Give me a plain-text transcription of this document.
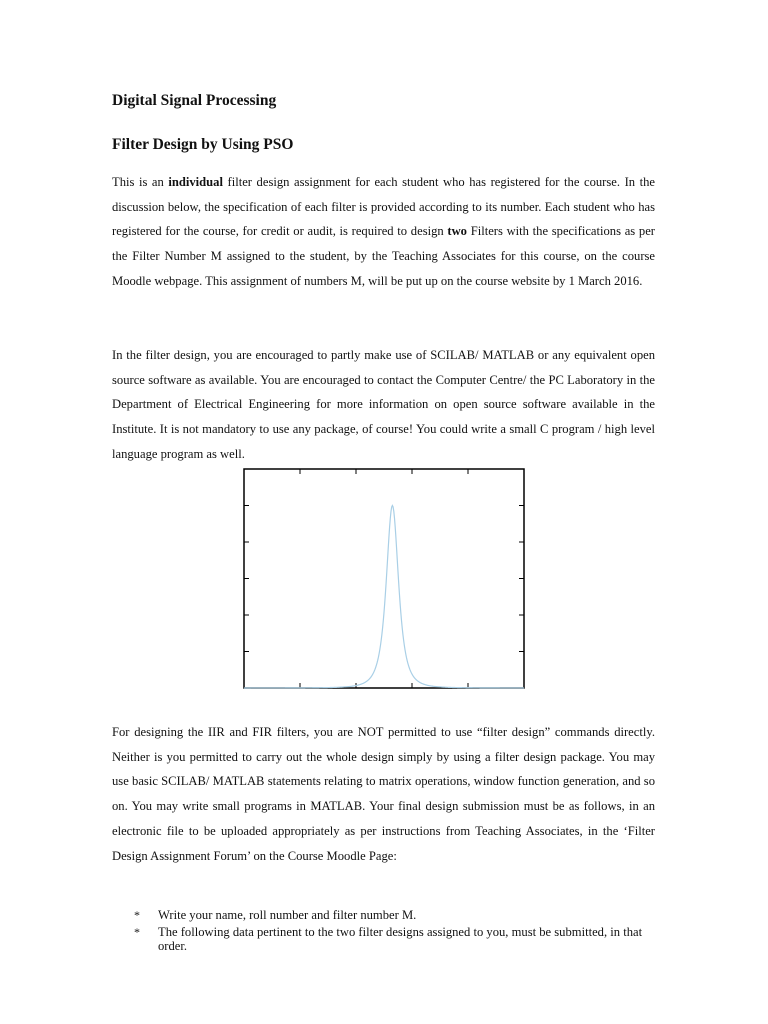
Digital Signal Processing
Filter Design by Using PSO

This is an individual filter design assignment for each student who has registered for the course. In the discussion below, the specification of each filter is provided according to its number. Each student who has registered for the course, for credit or audit, is required to design two Filters with the specifications as per the Filter Number M assigned to the student, by the Teaching Associates for this course, on the course Moodle webpage. This assignment of numbers M, will be put up on the course website by 1 March 2016.

In the filter design, you are encouraged to partly make use of SCILAB/ MATLAB or any equivalent open source software as available. You are encouraged to contact the Computer Centre/ the PC Laboratory in the Department of Electrical Engineering for more information on open source software available in the Institute. It is not mandatory to use any package, of course! You could write a small C program / high level language program as well.

For designing the IIR and FIR filters, you are NOT permitted to use “filter design” commands directly. Neither is you permitted to carry out the whole design simply by using a filter design package. You may use basic SCILAB/ MATLAB statements relating to matrix operations, window function generation, and so on. You may write small programs in MATLAB. Your final design submission must be as follows, in an electronic file to be uploaded appropriately as per instructions from Teaching Associates, in the ‘Filter Design Assignment Forum’ on the Course Moodle Page:

* Write your name, roll number and filter number M.
* The following data pertinent to the two filter designs assigned to you, must be submitted, in that order.
